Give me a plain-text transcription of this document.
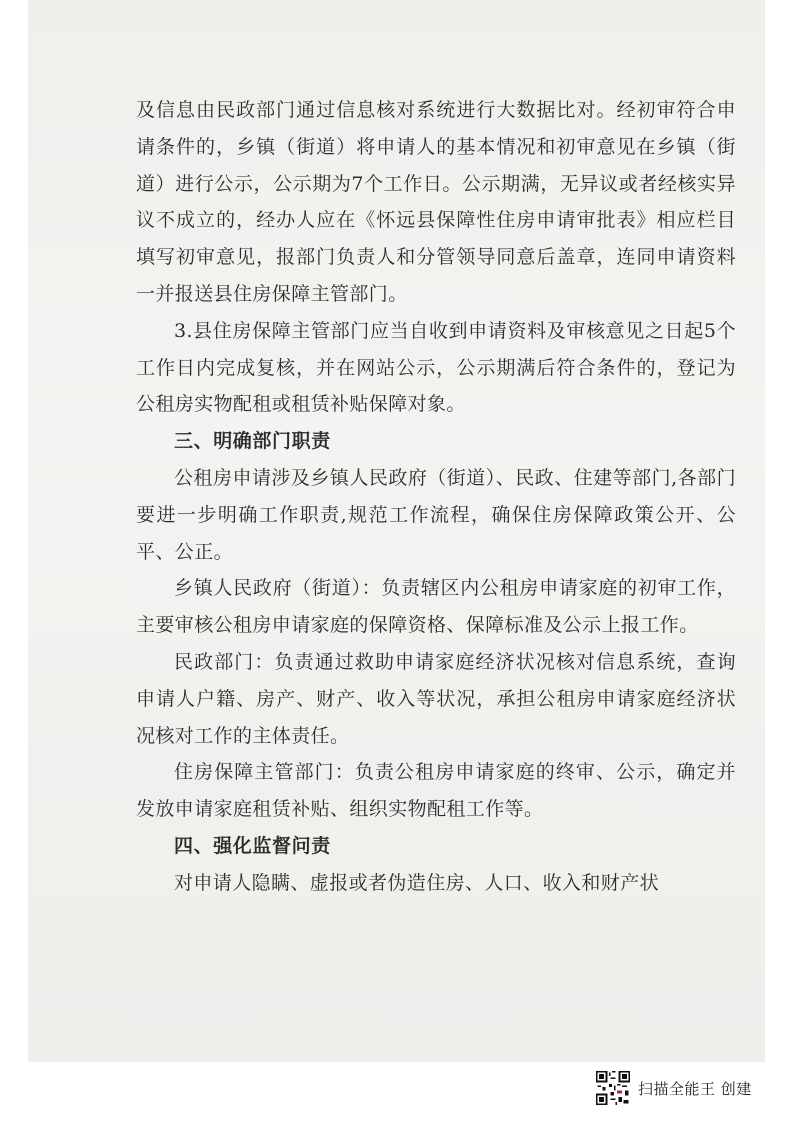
及信息由民政部门通过信息核对系统进行大数据比对。经初审符合申请条件的，乡镇（街道）将申请人的基本情况和初审意见在乡镇（街道）进行公示，公示期为7个工作日。公示期满，无异议或者经核实异议不成立的，经办人应在《怀远县保障性住房申请审批表》相应栏目填写初审意见，报部门负责人和分管领导同意后盖章，连同申请资料一并报送县住房保障主管部门。

3.县住房保障主管部门应当自收到申请资料及审核意见之日起5个工作日内完成复核，并在网站公示，公示期满后符合条件的，登记为公租房实物配租或租赁补贴保障对象。

三、明确部门职责

公租房申请涉及乡镇人民政府（街道）、民政、住建等部门,各部门要进一步明确工作职责,规范工作流程，确保住房保障政策公开、公平、公正。

乡镇人民政府（街道）：负责辖区内公租房申请家庭的初审工作，主要审核公租房申请家庭的保障资格、保障标准及公示上报工作。

民政部门：负责通过救助申请家庭经济状况核对信息系统，查询申请人户籍、房产、财产、收入等状况，承担公租房申请家庭经济状况核对工作的主体责任。

住房保障主管部门：负责公租房申请家庭的终审、公示，确定并发放申请家庭租赁补贴、组织实物配租工作等。

四、强化监督问责

对申请人隐瞒、虚报或者伪造住房、人口、收入和财产状

扫描全能王 创建
